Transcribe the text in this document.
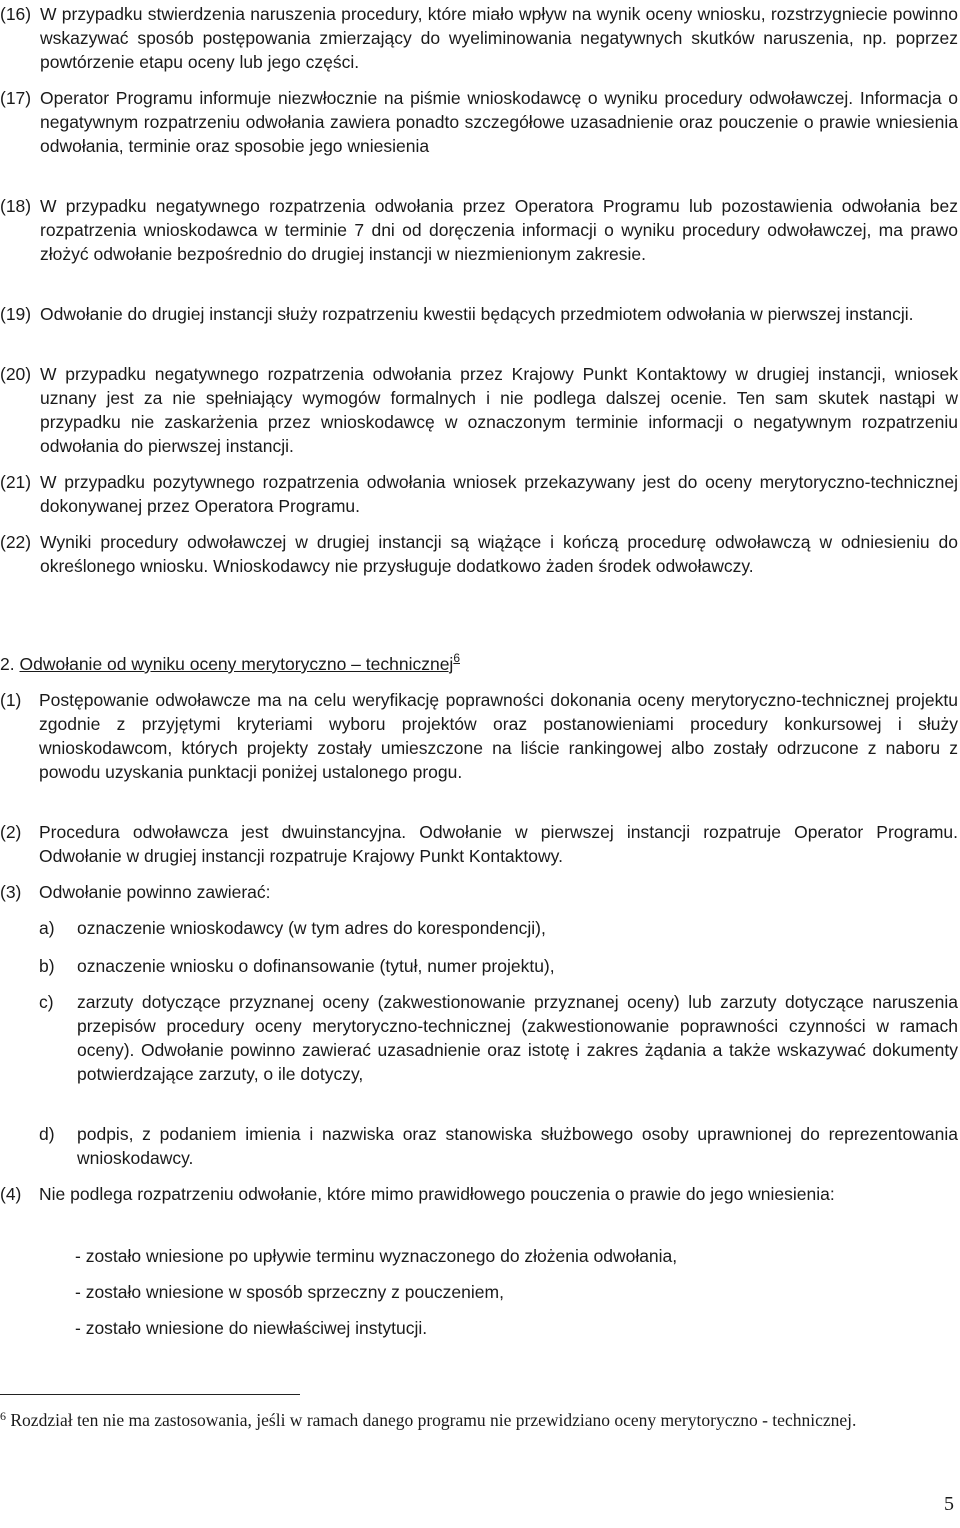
(16) W przypadku stwierdzenia naruszenia procedury, które miało wpływ na wynik oceny wniosku, rozstrzygniecie powinno wskazywać sposób postępowania zmierzający do wyeliminowania negatywnych skutków naruszenia, np. poprzez powtórzenie etapu oceny lub jego części.
(17) Operator Programu informuje niezwłocznie na piśmie wnioskodawcę o wyniku procedury odwoławczej. Informacja o negatywnym rozpatrzeniu odwołania zawiera ponadto szczegółowe uzasadnienie oraz pouczenie o prawie wniesienia odwołania, terminie oraz sposobie jego wniesienia
(18) W przypadku negatywnego rozpatrzenia odwołania przez Operatora Programu lub pozostawienia odwołania bez rozpatrzenia wnioskodawca w terminie 7 dni od doręczenia informacji o wyniku procedury odwoławczej, ma prawo złożyć odwołanie bezpośrednio do drugiej instancji w niezmienionym zakresie.
(19) Odwołanie do drugiej instancji służy rozpatrzeniu kwestii będących przedmiotem odwołania w pierwszej instancji.
(20) W przypadku negatywnego rozpatrzenia odwołania przez Krajowy Punkt Kontaktowy w drugiej instancji, wniosek uznany jest za nie spełniający wymogów formalnych i nie podlega dalszej ocenie. Ten sam skutek nastąpi w przypadku nie zaskarżenia przez wnioskodawcę w oznaczonym terminie informacji o negatywnym rozpatrzeniu odwołania do pierwszej instancji.
(21) W przypadku pozytywnego rozpatrzenia odwołania wniosek przekazywany jest do oceny merytoryczno-technicznej dokonywanej przez Operatora Programu.
(22) Wyniki procedury odwoławczej w drugiej instancji są wiążące i kończą procedurę odwoławczą w odniesieniu do określonego wniosku. Wnioskodawcy nie przysługuje dodatkowo żaden środek odwoławczy.
2. Odwołanie od wyniku oceny merytoryczno – technicznej$^6$
(1)	Postępowanie odwoławcze ma na celu weryfikację poprawności dokonania oceny merytoryczno-technicznej projektu zgodnie z przyjętymi kryteriami wyboru projektów oraz postanowieniami procedury konkursowej i służy wnioskodawcom, których projekty zostały umieszczone na liście rankingowej albo zostały odrzucone z naboru z powodu uzyskania punktacji poniżej ustalonego progu.
(2)	Procedura odwoławcza jest dwuinstancyjna. Odwołanie w pierwszej instancji rozpatruje Operator Programu. Odwołanie w drugiej instancji rozpatruje Krajowy Punkt Kontaktowy.
(3)	Odwołanie powinno zawierać:
a)	oznaczenie wnioskodawcy (w tym adres do korespondencji),
b)	oznaczenie wniosku o dofinansowanie (tytuł, numer projektu),
c)	zarzuty dotyczące przyznanej oceny (zakwestionowanie przyznanej oceny) lub zarzuty dotyczące naruszenia przepisów procedury oceny merytoryczno-technicznej (zakwestionowanie poprawności czynności w ramach oceny). Odwołanie powinno zawierać uzasadnienie oraz istotę i zakres żądania a także wskazywać dokumenty potwierdzające zarzuty, o ile dotyczy,
d)	podpis, z podaniem imienia i nazwiska oraz stanowiska służbowego osoby uprawnionej do reprezentowania wnioskodawcy.
(4)	Nie podlega rozpatrzeniu odwołanie, które mimo prawidłowego pouczenia o prawie do jego wniesienia:
- zostało wniesione po upływie terminu wyznaczonego do złożenia odwołania,
- zostało wniesione w sposób sprzeczny z pouczeniem,
- zostało wniesione do niewłaściwej instytucji.
$^6$ Rozdział ten nie ma zastosowania, jeśli w ramach danego programu nie przewidziano oceny merytoryczno - technicznej.
5
